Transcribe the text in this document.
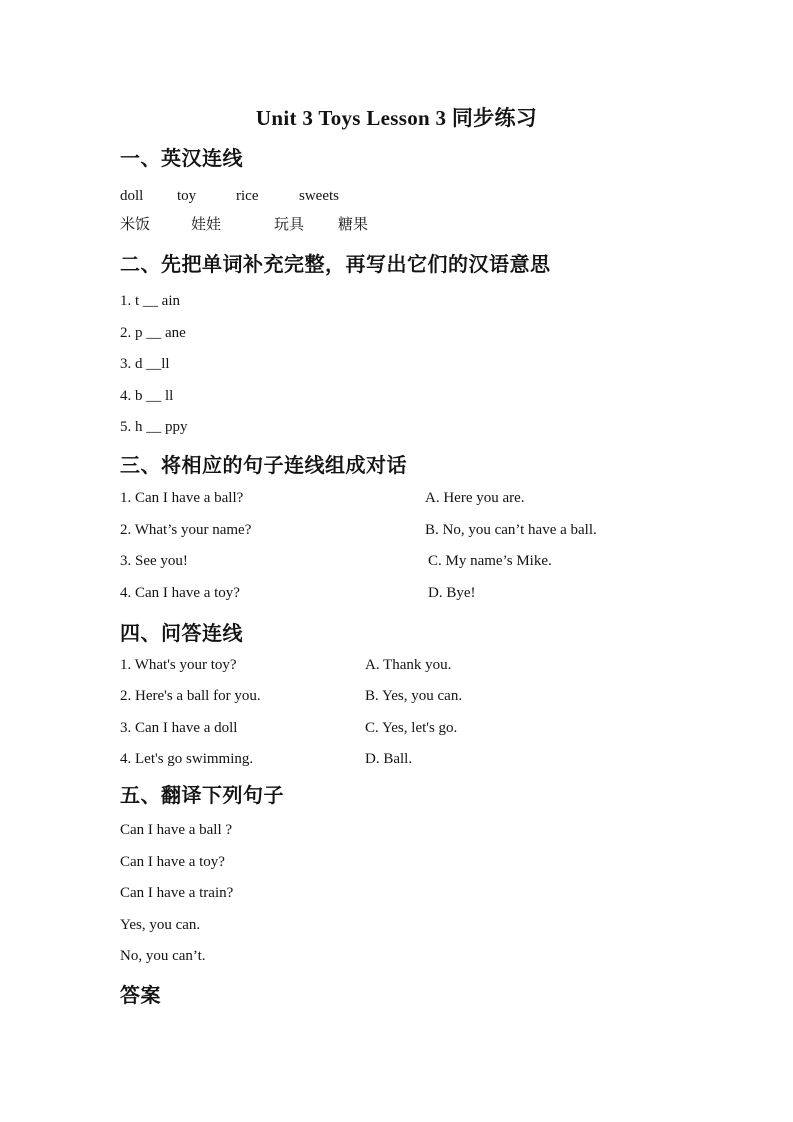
Unit 3 Toys Lesson 3 同步练习
一、英汉连线
doll toy	rice	sweets
米饭	娃娃	玩具 糖果
二、先把单词补充完整，再写出它们的汉语意思
1. t __ ain
2. p __ ane
3. d __ll
4. b __ ll
5. h __ ppy
三、将相应的句子连线组成对话
1. Can I have a ball?	A. Here you are.
2. What’s your name?	B. No, you can’t have a ball.
3. See you!	C. My name’s Mike.
4. Can I have a toy?	D. Bye!
四、问答连线
1. What's your toy?	A. Thank you.
2. Here's a ball for you.	B. Yes, you can.
3. Can I have a doll	C. Yes, let's go.
4. Let's go swimming.	D. Ball.
五、翻译下列句子
Can I have a ball ?
Can I have a toy?
Can I have a train?
Yes, you can.
No, you can’t.
答案
